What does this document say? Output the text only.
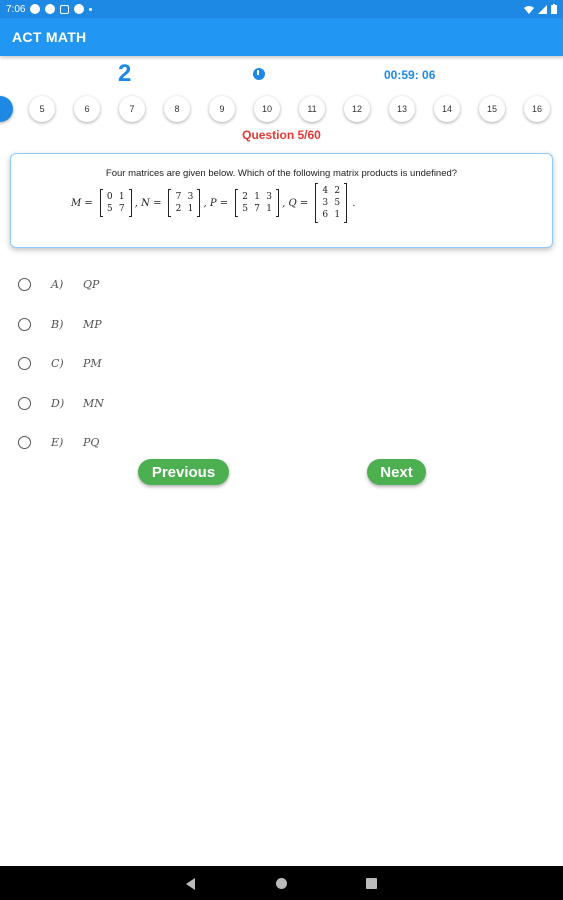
7:06
ACT MATH
2	00:59: 06
5	6	7	8	9	10	11	12	13	14	15	16
Question 5/60
Four matrices are given below. Which of the following matrix products is undefined?
M =
0 1
5 7
, N =
7 3
2 1
, P =
2 1 3
5 7 1
, Q =
4 2
3 5
6 1
.
A)	QP
B)	MP
C)	PM
D)	MN
E)	PQ
Previous	Next
